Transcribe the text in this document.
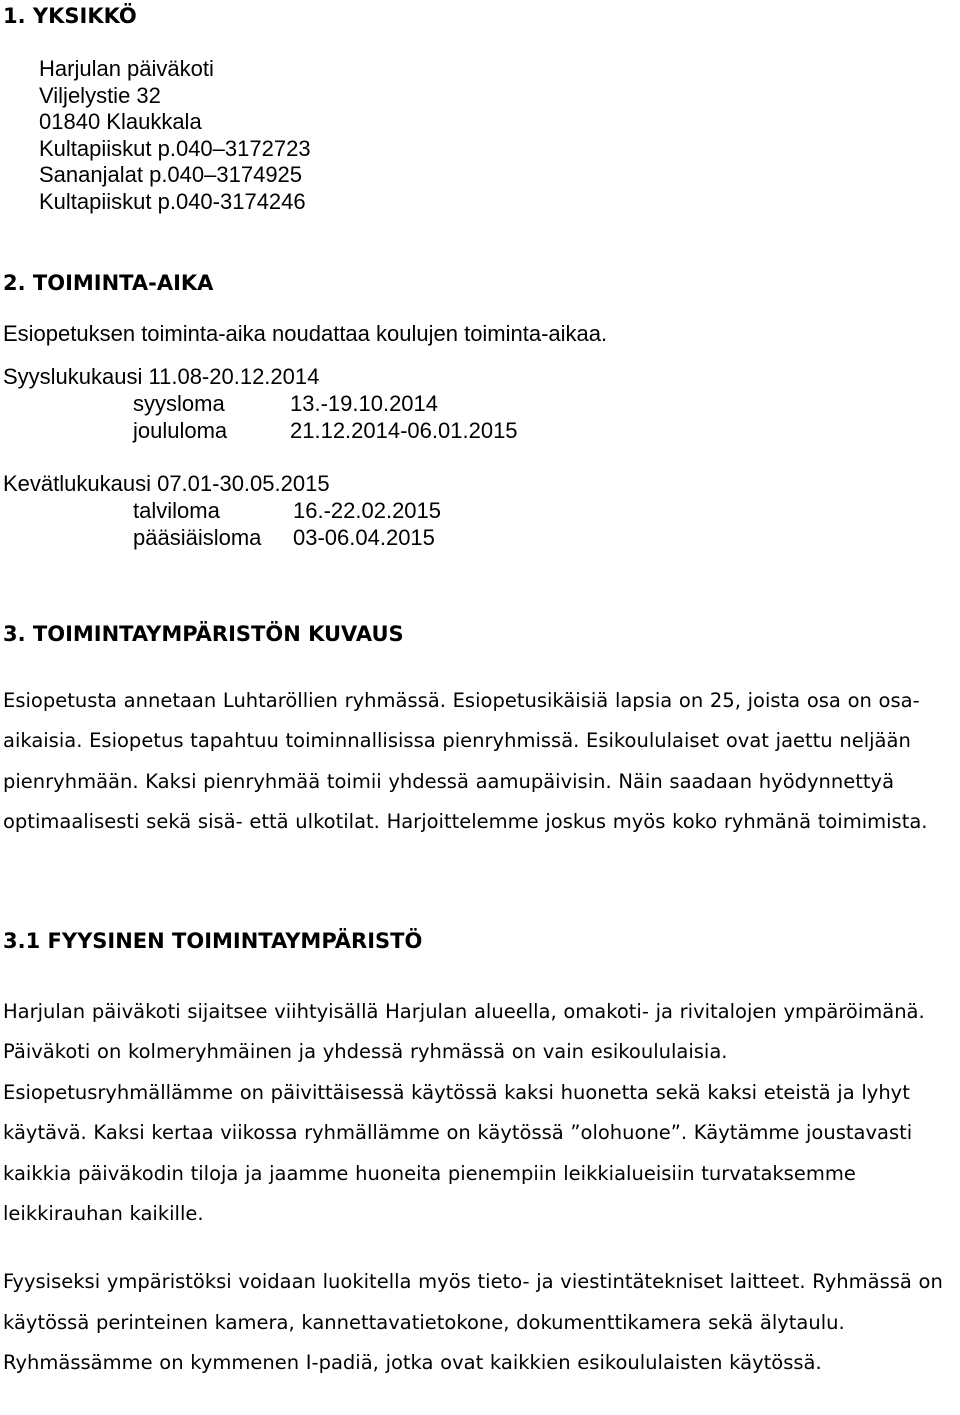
1. YKSIKKÖ
Harjulan päiväkoti
Viljelystie 32
01840 Klaukkala
Kultapiiskut p.040–3172723
Sananjalat p.040–3174925
Kultapiiskut p.040-3174246
2. TOIMINTA-AIKA
Esiopetuksen toiminta-aika noudattaa koulujen toiminta-aikaa.
Syyslukukausi 11.08-20.12.2014
syysloma	13.-19.10.2014
joululoma	21.12.2014-06.01.2015
Kevätlukukausi 07.01-30.05.2015
talviloma	16.-22.02.2015
pääsiäisloma	03-06.04.2015
3. TOIMINTAYMPÄRISTÖN KUVAUS

Esiopetusta annetaan Luhtaröllien ryhmässä. Esiopetusikäisiä lapsia on 25, joista osa on osa-aikaisia. Esiopetus tapahtuu toiminnallisissa pienryhmissä. Esikoululaiset ovat jaettu neljään pienryhmään. Kaksi pienryhmää toimii yhdessä aamupäivisin. Näin saadaan hyödynnettyä optimaalisesti sekä sisä- että ulkotilat. Harjoittelemme joskus myös koko ryhmänä toimimista.

3.1 FYYSINEN TOIMINTAYMPÄRISTÖ

Harjulan päiväkoti sijaitsee viihtyisällä Harjulan alueella, omakoti- ja rivitalojen ympäröimänä. Päiväkoti on kolmeryhmäinen ja yhdessä ryhmässä on vain esikoululaisia. Esiopetusryhmällämme on päivittäisessä käytössä kaksi huonetta sekä kaksi eteistä ja lyhyt käytävä. Kaksi kertaa viikossa ryhmällämme on käytössä ”olohuone”. Käytämme joustavasti kaikkia päiväkodin tiloja ja jaamme huoneita pienempiin leikkialueisiin turvataksemme leikkirauhan kaikille.

Fyysiseksi ympäristöksi voidaan luokitella myös tieto- ja viestintätekniset laitteet. Ryhmässä on käytössä perinteinen kamera, kannettavatietokone, dokumenttikamera sekä älytaulu. Ryhmässämme on kymmenen I-padiä, jotka ovat kaikkien esikoululaisten käytössä.
